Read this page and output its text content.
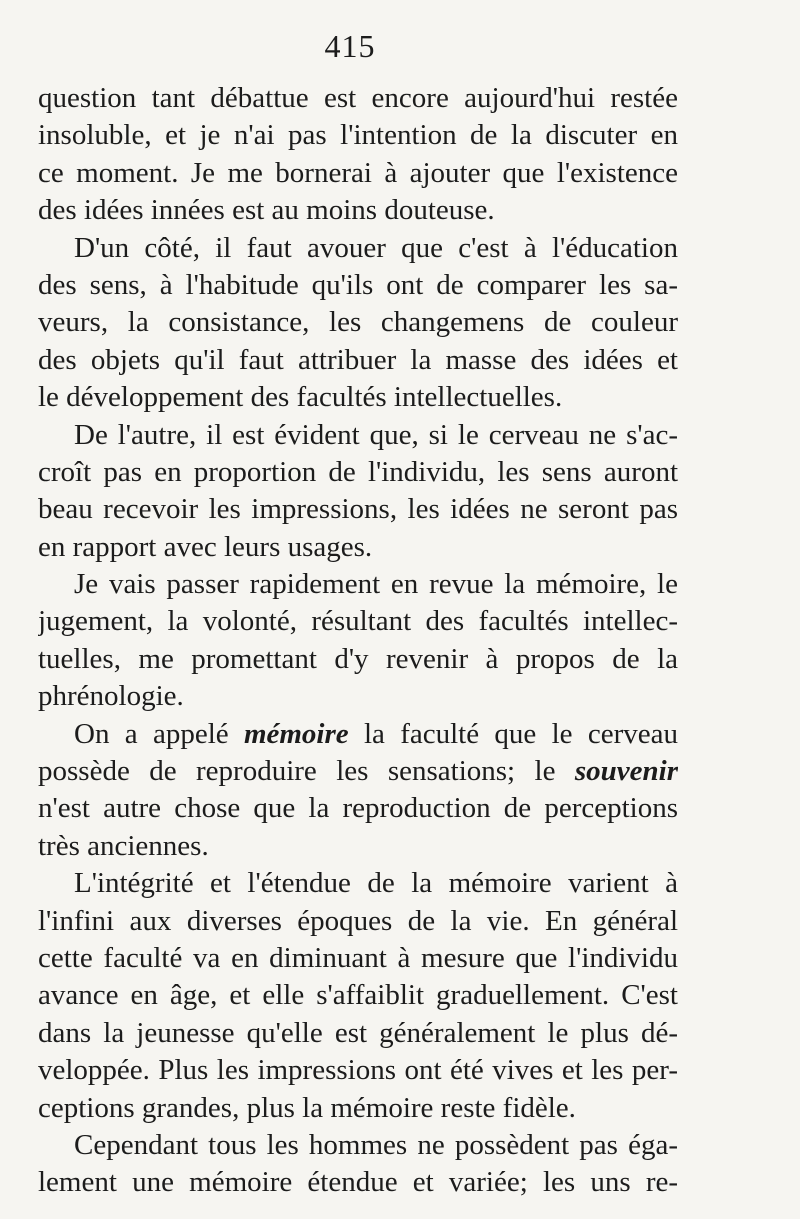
415
question tant débattue est encore aujourd'hui restée
insoluble, et je n'ai pas l'intention de la discuter en
ce moment. Je me bornerai à ajouter que l'existence
des idées innées est au moins douteuse.
D'un côté, il faut avouer que c'est à l'éducation
des sens, à l'habitude qu'ils ont de comparer les sa-
veurs, la consistance, les changemens de couleur
des objets qu'il faut attribuer la masse des idées et
le développement des facultés intellectuelles.
De l'autre, il est évident que, si le cerveau ne s'ac-
croît pas en proportion de l'individu, les sens auront
beau recevoir les impressions, les idées ne seront pas
en rapport avec leurs usages.
Je vais passer rapidement en revue la mémoire, le
jugement, la volonté, résultant des facultés intellec-
tuelles, me promettant d'y revenir à propos de la
phrénologie.
On a appelé mémoire la faculté que le cerveau
possède de reproduire les sensations; le souvenir
n'est autre chose que la reproduction de perceptions
très anciennes.
L'intégrité et l'étendue de la mémoire varient à
l'infini aux diverses époques de la vie. En général
cette faculté va en diminuant à mesure que l'individu
avance en âge, et elle s'affaiblit graduellement. C'est
dans la jeunesse qu'elle est généralement le plus dé-
veloppée. Plus les impressions ont été vives et les per-
ceptions grandes, plus la mémoire reste fidèle.
Cependant tous les hommes ne possèdent pas éga-
lement une mémoire étendue et variée; les uns re-
